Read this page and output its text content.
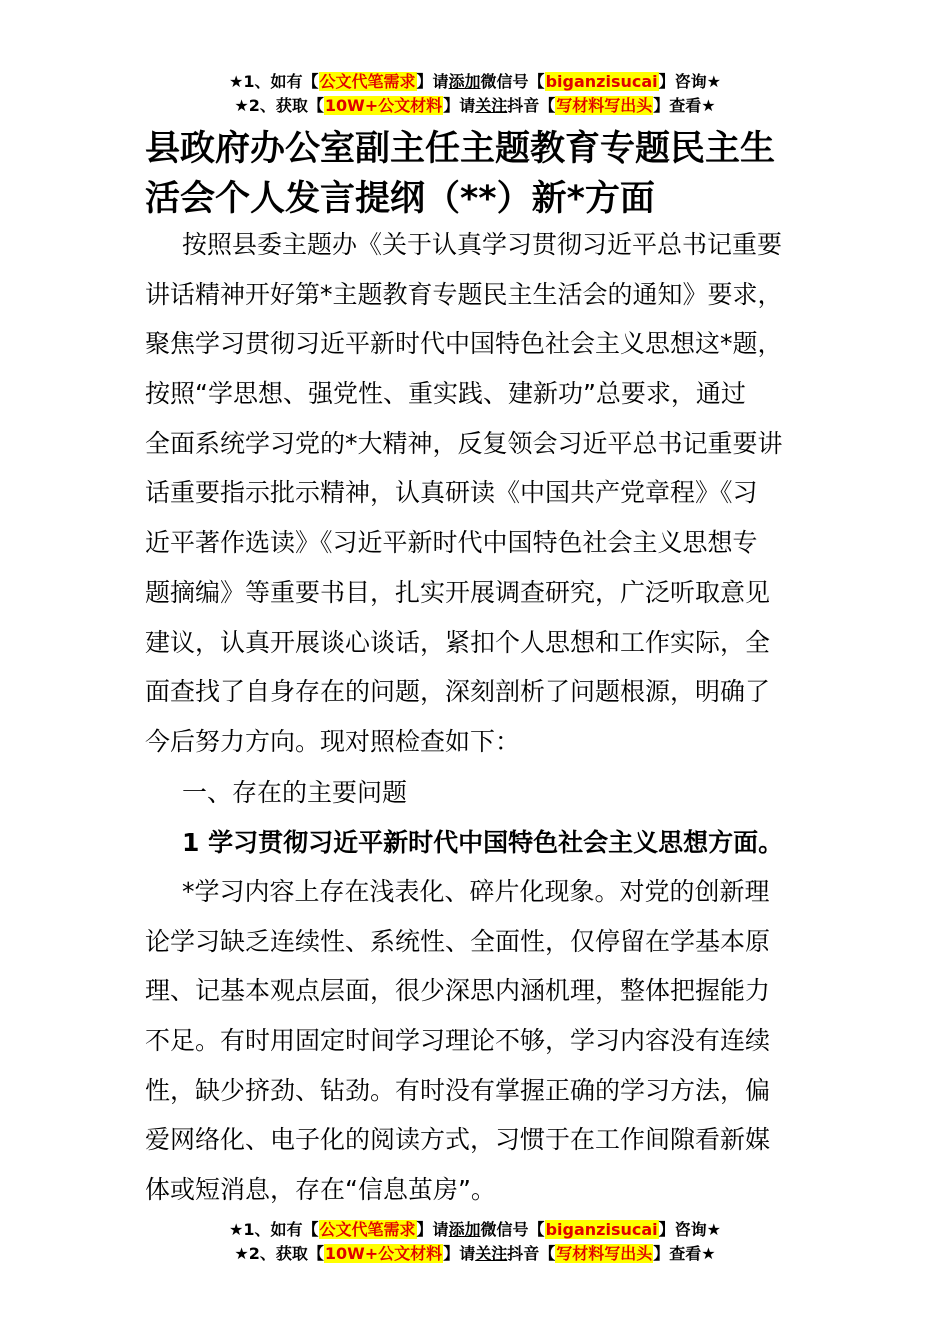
★1、如有【公文代笔需求】请添加微信号【biganzisucai】咨询★
★2、获取【10W+公文材料】请关注抖音【写材料写出头】查看★
县政府办公室副主任主题教育专题民主生
活会个人发言提纲（**）新*方面
按照县委主题办《关于认真学习贯彻习近平总书记重要
讲话精神开好第*主题教育专题民主生活会的通知》要求，
聚焦学习贯彻习近平新时代中国特色社会主义思想这*题，
按照“学思想、强党性、重实践、建新功”总要求，通过
全面系统学习党的*大精神，反复领会习近平总书记重要讲
话重要指示批示精神，认真研读《中国共产党章程》《习
近平著作选读》《习近平新时代中国特色社会主义思想专
题摘编》等重要书目，扎实开展调查研究，广泛听取意见
建议，认真开展谈心谈话，紧扣个人思想和工作实际，全
面查找了自身存在的问题，深刻剖析了问题根源，明确了
今后努力方向。现对照检查如下：
一、存在的主要问题
1 学习贯彻习近平新时代中国特色社会主义思想方面。
*学习内容上存在浅表化、碎片化现象。对党的创新理
论学习缺乏连续性、系统性、全面性，仅停留在学基本原
理、记基本观点层面，很少深思内涵机理，整体把握能力
不足。有时用固定时间学习理论不够，学习内容没有连续
性，缺少挤劲、钻劲。有时没有掌握正确的学习方法，偏
爱网络化、电子化的阅读方式，习惯于在工作间隙看新媒
体或短消息，存在“信息茧房”。
★1、如有【公文代笔需求】请添加微信号【biganzisucai】咨询★
★2、获取【10W+公文材料】请关注抖音【写材料写出头】查看★
